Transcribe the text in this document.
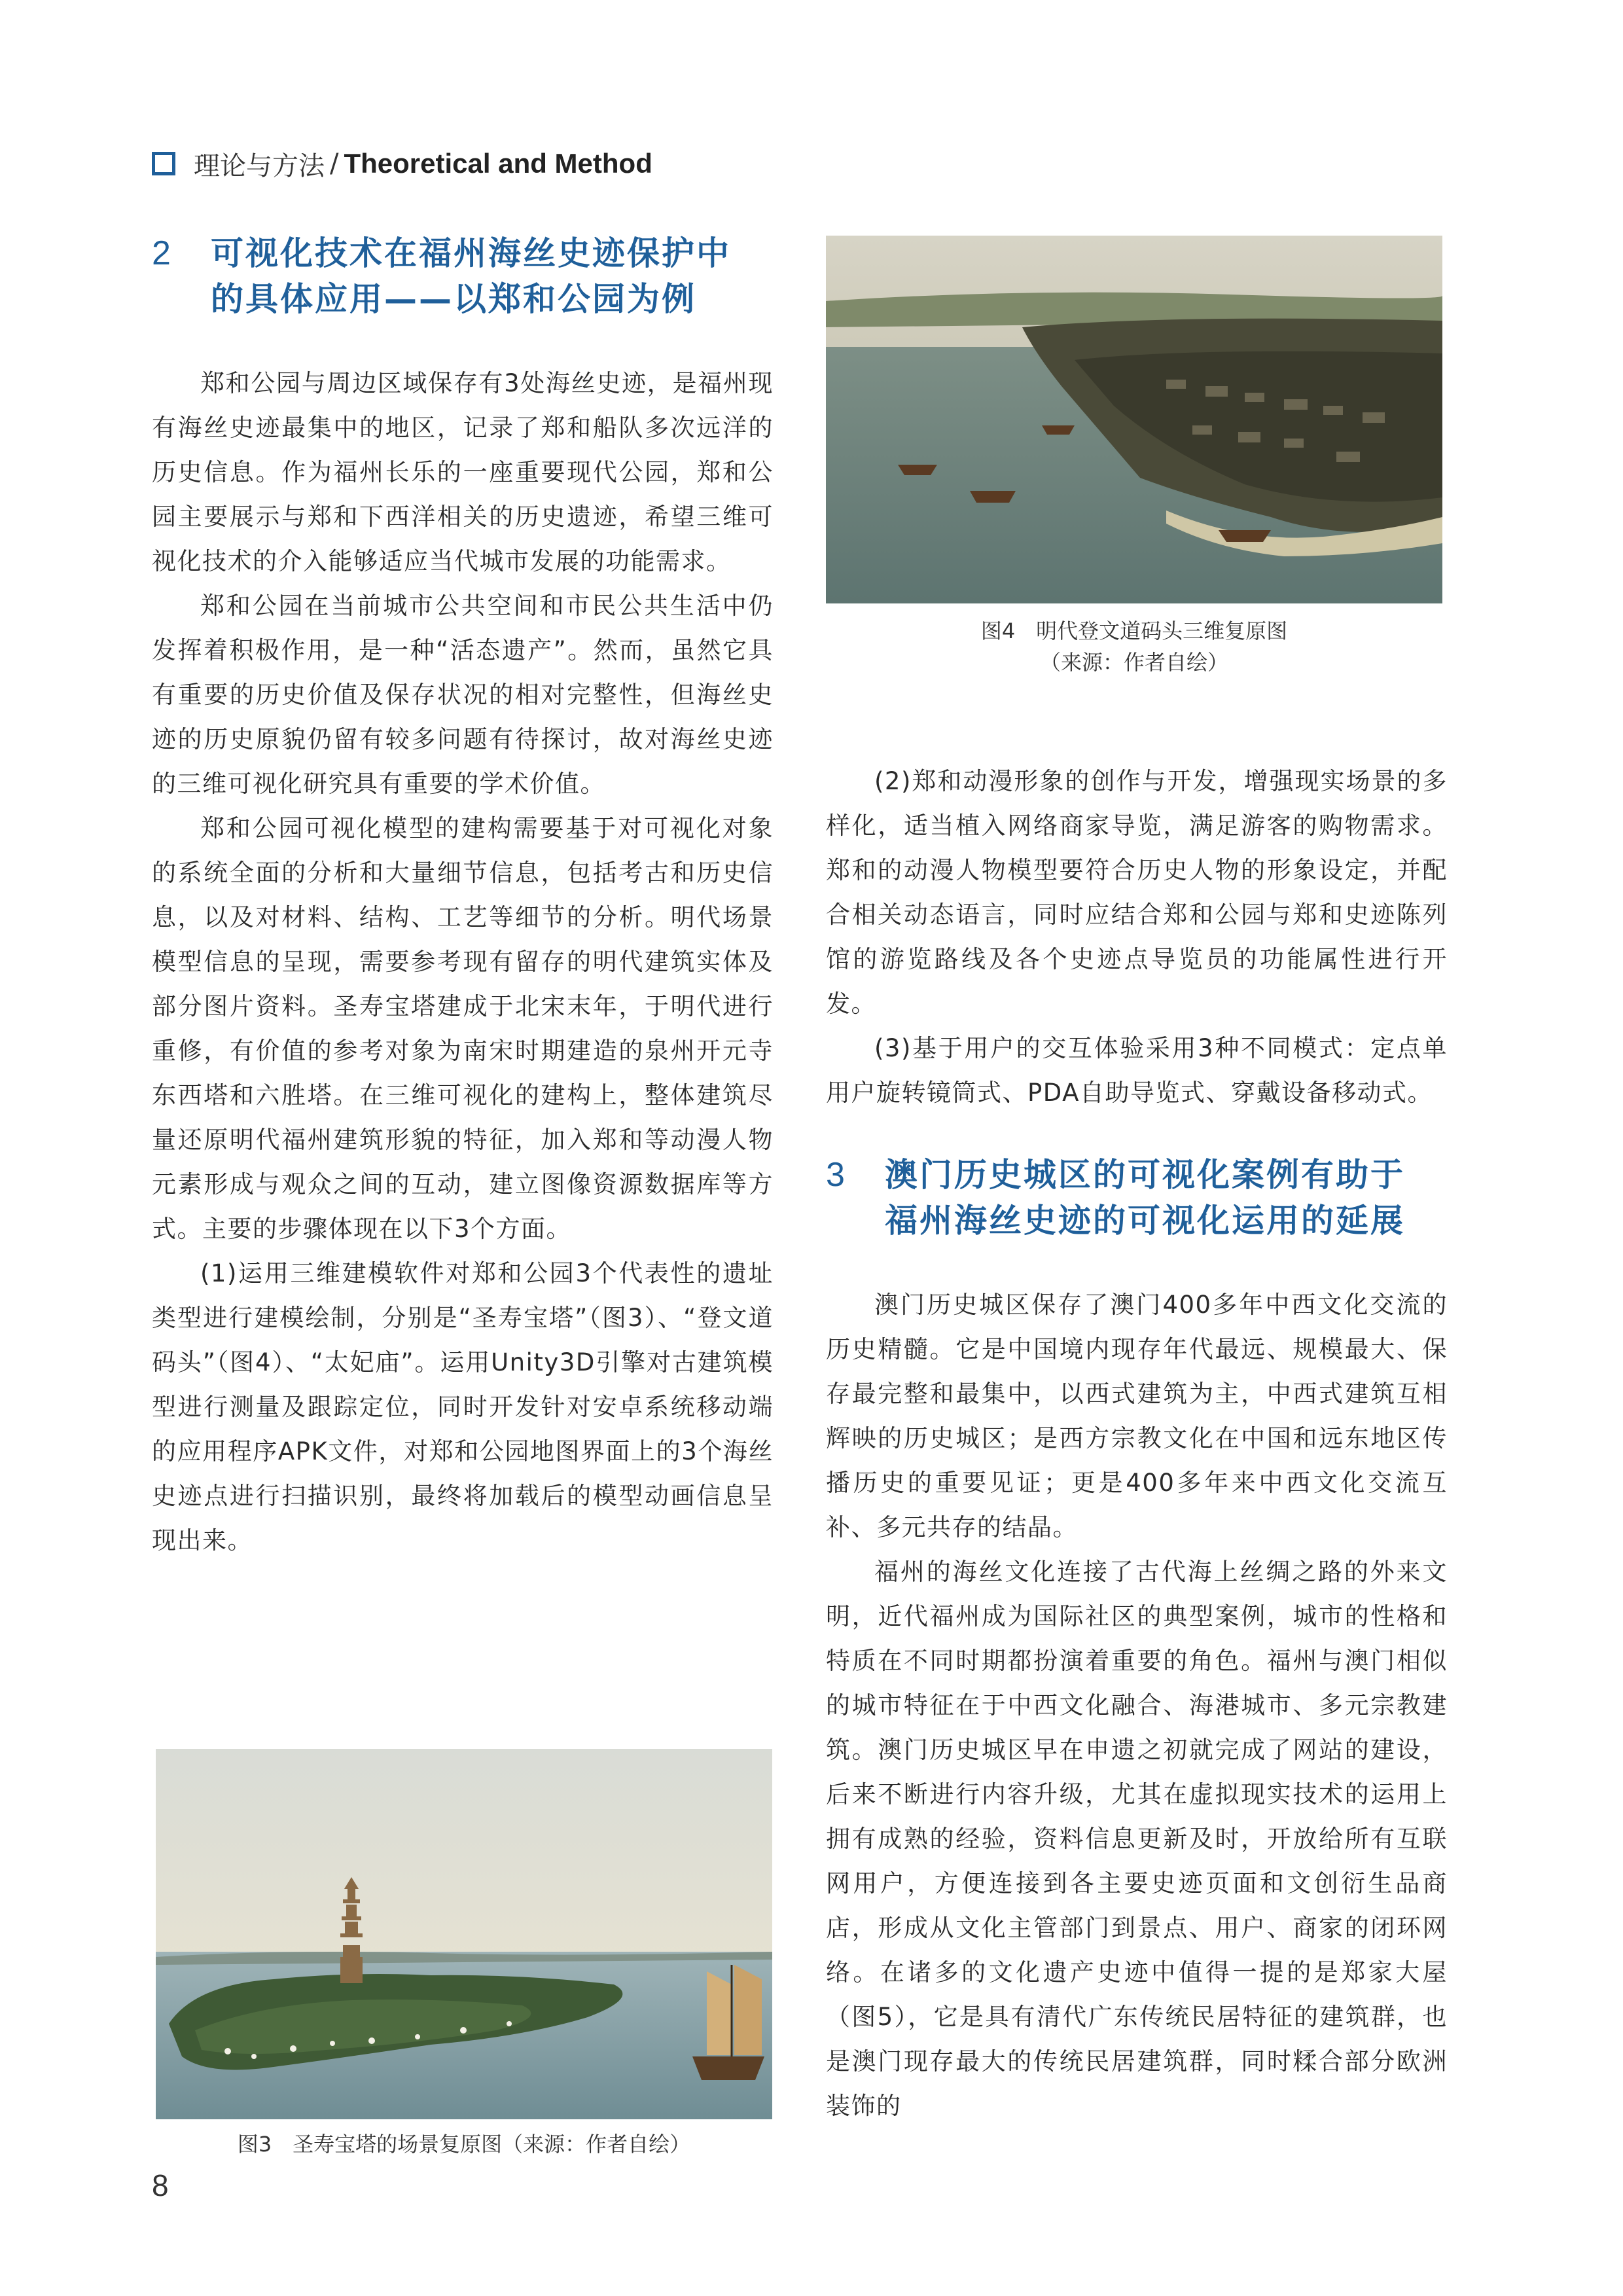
理论与方法 / Theoretical and Method
2	可视化技术在福州海丝史迹保护中
的具体应用——以郑和公园为例

郑和公园与周边区域保存有3处海丝史迹，是福州现有海丝史迹最集中的地区，记录了郑和船队多次远洋的历史信息。作为福州长乐的一座重要现代公园，郑和公园主要展示与郑和下西洋相关的历史遗迹，希望三维可视化技术的介入能够适应当代城市发展的功能需求。

郑和公园在当前城市公共空间和市民公共生活中仍发挥着积极作用，是一种“活态遗产”。然而，虽然它具有重要的历史价值及保存状况的相对完整性，但海丝史迹的历史原貌仍留有较多问题有待探讨，故对海丝史迹的三维可视化研究具有重要的学术价值。

郑和公园可视化模型的建构需要基于对可视化对象的系统全面的分析和大量细节信息，包括考古和历史信息，以及对材料、结构、工艺等细节的分析。明代场景模型信息的呈现，需要参考现有留存的明代建筑实体及部分图片资料。圣寿宝塔建成于北宋末年，于明代进行重修，有价值的参考对象为南宋时期建造的泉州开元寺东西塔和六胜塔。在三维可视化的建构上，整体建筑尽量还原明代福州建筑形貌的特征，加入郑和等动漫人物元素形成与观众之间的互动，建立图像资源数据库等方式。主要的步骤体现在以下3个方面。

(1)运用三维建模软件对郑和公园3个代表性的遗址类型进行建模绘制，分别是“圣寿宝塔”（图3）、“登文道码头”（图4）、“太妃庙”。运用Unity3D引擎对古建筑模型进行测量及跟踪定位，同时开发针对安卓系统移动端的应用程序APK文件，对郑和公园地图界面上的3个海丝史迹点进行扫描识别，最终将加载后的模型动画信息呈现出来。

图3　圣寿宝塔的场景复原图（来源：作者自绘）
图4　明代登文道码头三维复原图
（来源：作者自绘）

(2)郑和动漫形象的创作与开发，增强现实场景的多样化，适当植入网络商家导览，满足游客的购物需求。郑和的动漫人物模型要符合历史人物的形象设定，并配合相关动态语言，同时应结合郑和公园与郑和史迹陈列馆的游览路线及各个史迹点导览员的功能属性进行开发。

(3)基于用户的交互体验采用3种不同模式：定点单用户旋转镜筒式、PDA自助导览式、穿戴设备移动式。

3	澳门历史城区的可视化案例有助于
福州海丝史迹的可视化运用的延展

澳门历史城区保存了澳门400多年中西文化交流的历史精髓。它是中国境内现存年代最远、规模最大、保存最完整和最集中，以西式建筑为主，中西式建筑互相辉映的历史城区；是西方宗教文化在中国和远东地区传播历史的重要见证；更是400多年来中西文化交流互补、多元共存的结晶。

福州的海丝文化连接了古代海上丝绸之路的外来文明，近代福州成为国际社区的典型案例，城市的性格和特质在不同时期都扮演着重要的角色。福州与澳门相似的城市特征在于中西文化融合、海港城市、多元宗教建筑。澳门历史城区早在申遗之初就完成了网站的建设，后来不断进行内容升级，尤其在虚拟现实技术的运用上拥有成熟的经验，资料信息更新及时，开放给所有互联网用户，方便连接到各主要史迹页面和文创衍生品商店，形成从文化主管部门到景点、用户、商家的闭环网络。在诸多的文化遗产史迹中值得一提的是郑家大屋（图5），它是具有清代广东传统民居特征的建筑群，也是澳门现存最大的传统民居建筑群，同时糅合部分欧洲装饰的

8
